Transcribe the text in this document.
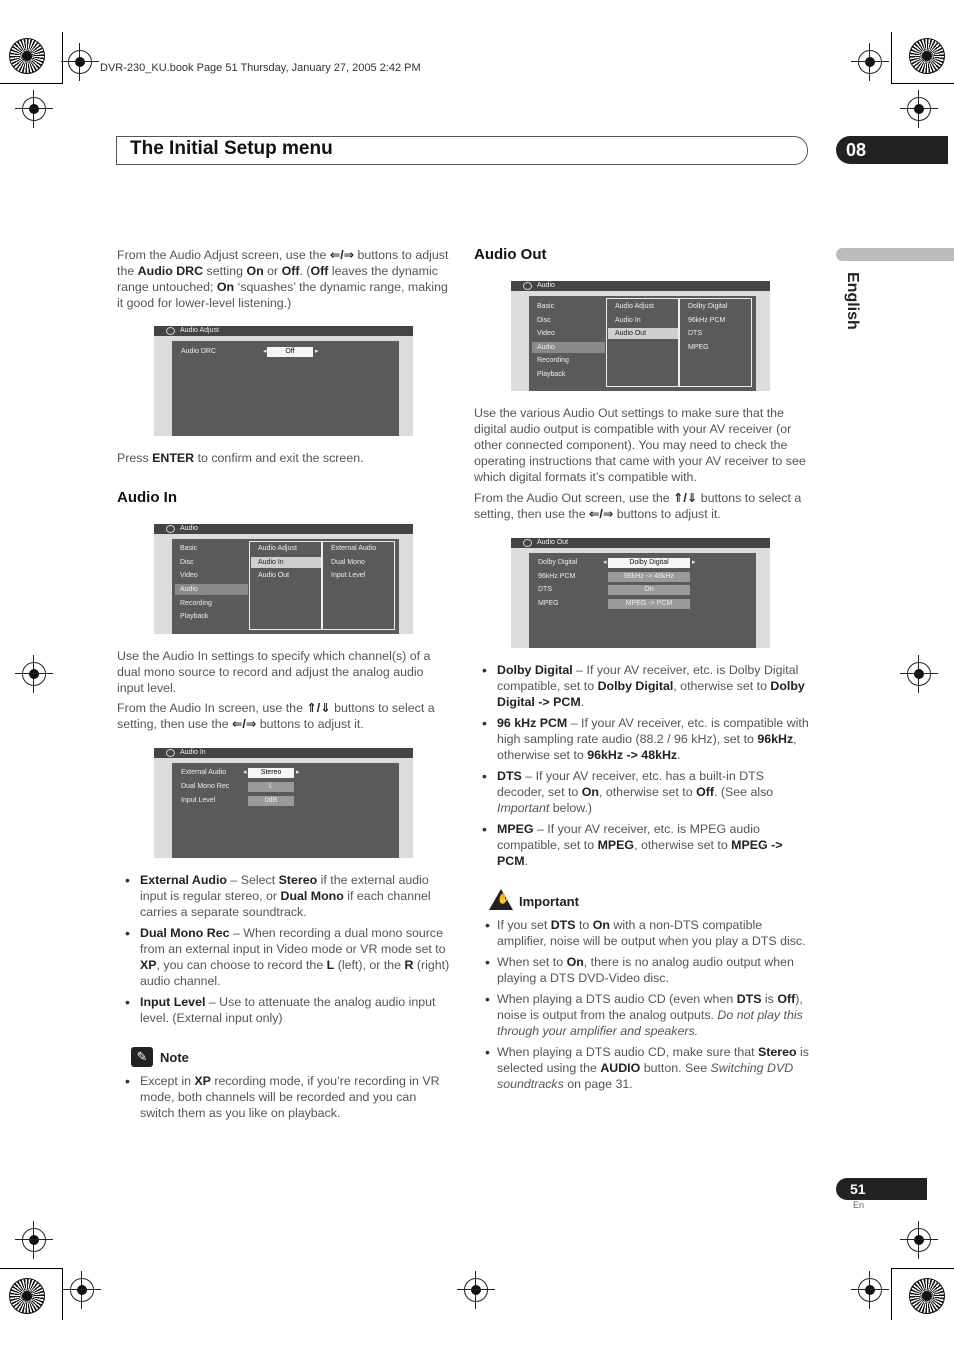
DVR-230_KU.book Page 51 Thursday, January 27, 2005 2:42 PM
The Initial Setup menu	08
English
From the Audio Adjust screen, use the ⇐/⇒ buttons to adjust the Audio DRC setting On or Off. (Off leaves the dynamic range untouched; On ‘squashes’ the dynamic range, making it good for lower-level listening.)
Audio Adjust
Audio DRC	◂	Off	▸
Press ENTER to confirm and exit the screen.
Audio In
Audio
Basic
Disc
Video
Audio
Recording
Playback
Audio Adjust
Audio In
Audio Out
External Audio
Dual Mono
Input Level
Use the Audio In settings to specify which channel(s) of a dual mono source to record and adjust the analog audio input level.
From the Audio In screen, use the ⇑/⇓ buttons to select a setting, then use the ⇐/⇒ buttons to adjust it.
Audio In
External Audio ◂	Stereo	▸
Dual Mono Rec	L
Input Level	0dB
• External Audio – Select Stereo if the external audio input is regular stereo, or Dual Mono if each channel carries a separate soundtrack.
• Dual Mono Rec – When recording a dual mono source from an external input in Video mode or VR mode set to XP, you can choose to record the L (left), or the R (right) audio channel.
• Input Level – Use to attenuate the analog audio input level. (External input only)
✎ Note
• Except in XP recording mode, if you’re recording in VR mode, both channels will be recorded and you can switch them as you like on playback.
Audio Out
Audio
Basic
Disc
Video
Audio
Recording
Playback
Audio Adjust
Audio In
Audio Out
Dolby Digital
96kHz PCM
DTS
MPEG
Use the various Audio Out settings to make sure that the digital audio output is compatible with your AV receiver (or other connected component). You may need to check the operating instructions that came with your AV receiver to see which digital formats it’s compatible with.
From the Audio Out screen, use the ⇑/⇓ buttons to select a setting, then use the ⇐/⇒ buttons to adjust it.
Audio Out
Dolby Digital	◂	Dolby Digital	▸
96kHz PCM	96kHz -> 48kHz
DTS	On
MPEG	MPEG -> PCM
• Dolby Digital – If your AV receiver, etc. is Dolby Digital compatible, set to Dolby Digital, otherwise set to Dolby Digital -> PCM.
• 96 kHz PCM – If your AV receiver, etc. is compatible with high sampling rate audio (88.2 / 96 kHz), set to 96kHz, otherwise set to 96kHz -> 48kHz.
• DTS – If your AV receiver, etc. has a built-in DTS decoder, set to On, otherwise set to Off. (See also Important below.)
• MPEG – If your AV receiver, etc. is MPEG audio compatible, set to MPEG, otherwise set to MPEG -> PCM.
✋ Important
• If you set DTS to On with a non-DTS compatible amplifier, noise will be output when you play a DTS disc.
• When set to On, there is no analog audio output when playing a DTS DVD-Video disc.
• When playing a DTS audio CD (even when DTS is Off), noise is output from the analog outputs. Do not play this through your amplifier and speakers.
• When playing a DTS audio CD, make sure that Stereo is selected using the AUDIO button. See Switching DVD soundtracks on page 31.
51
En
